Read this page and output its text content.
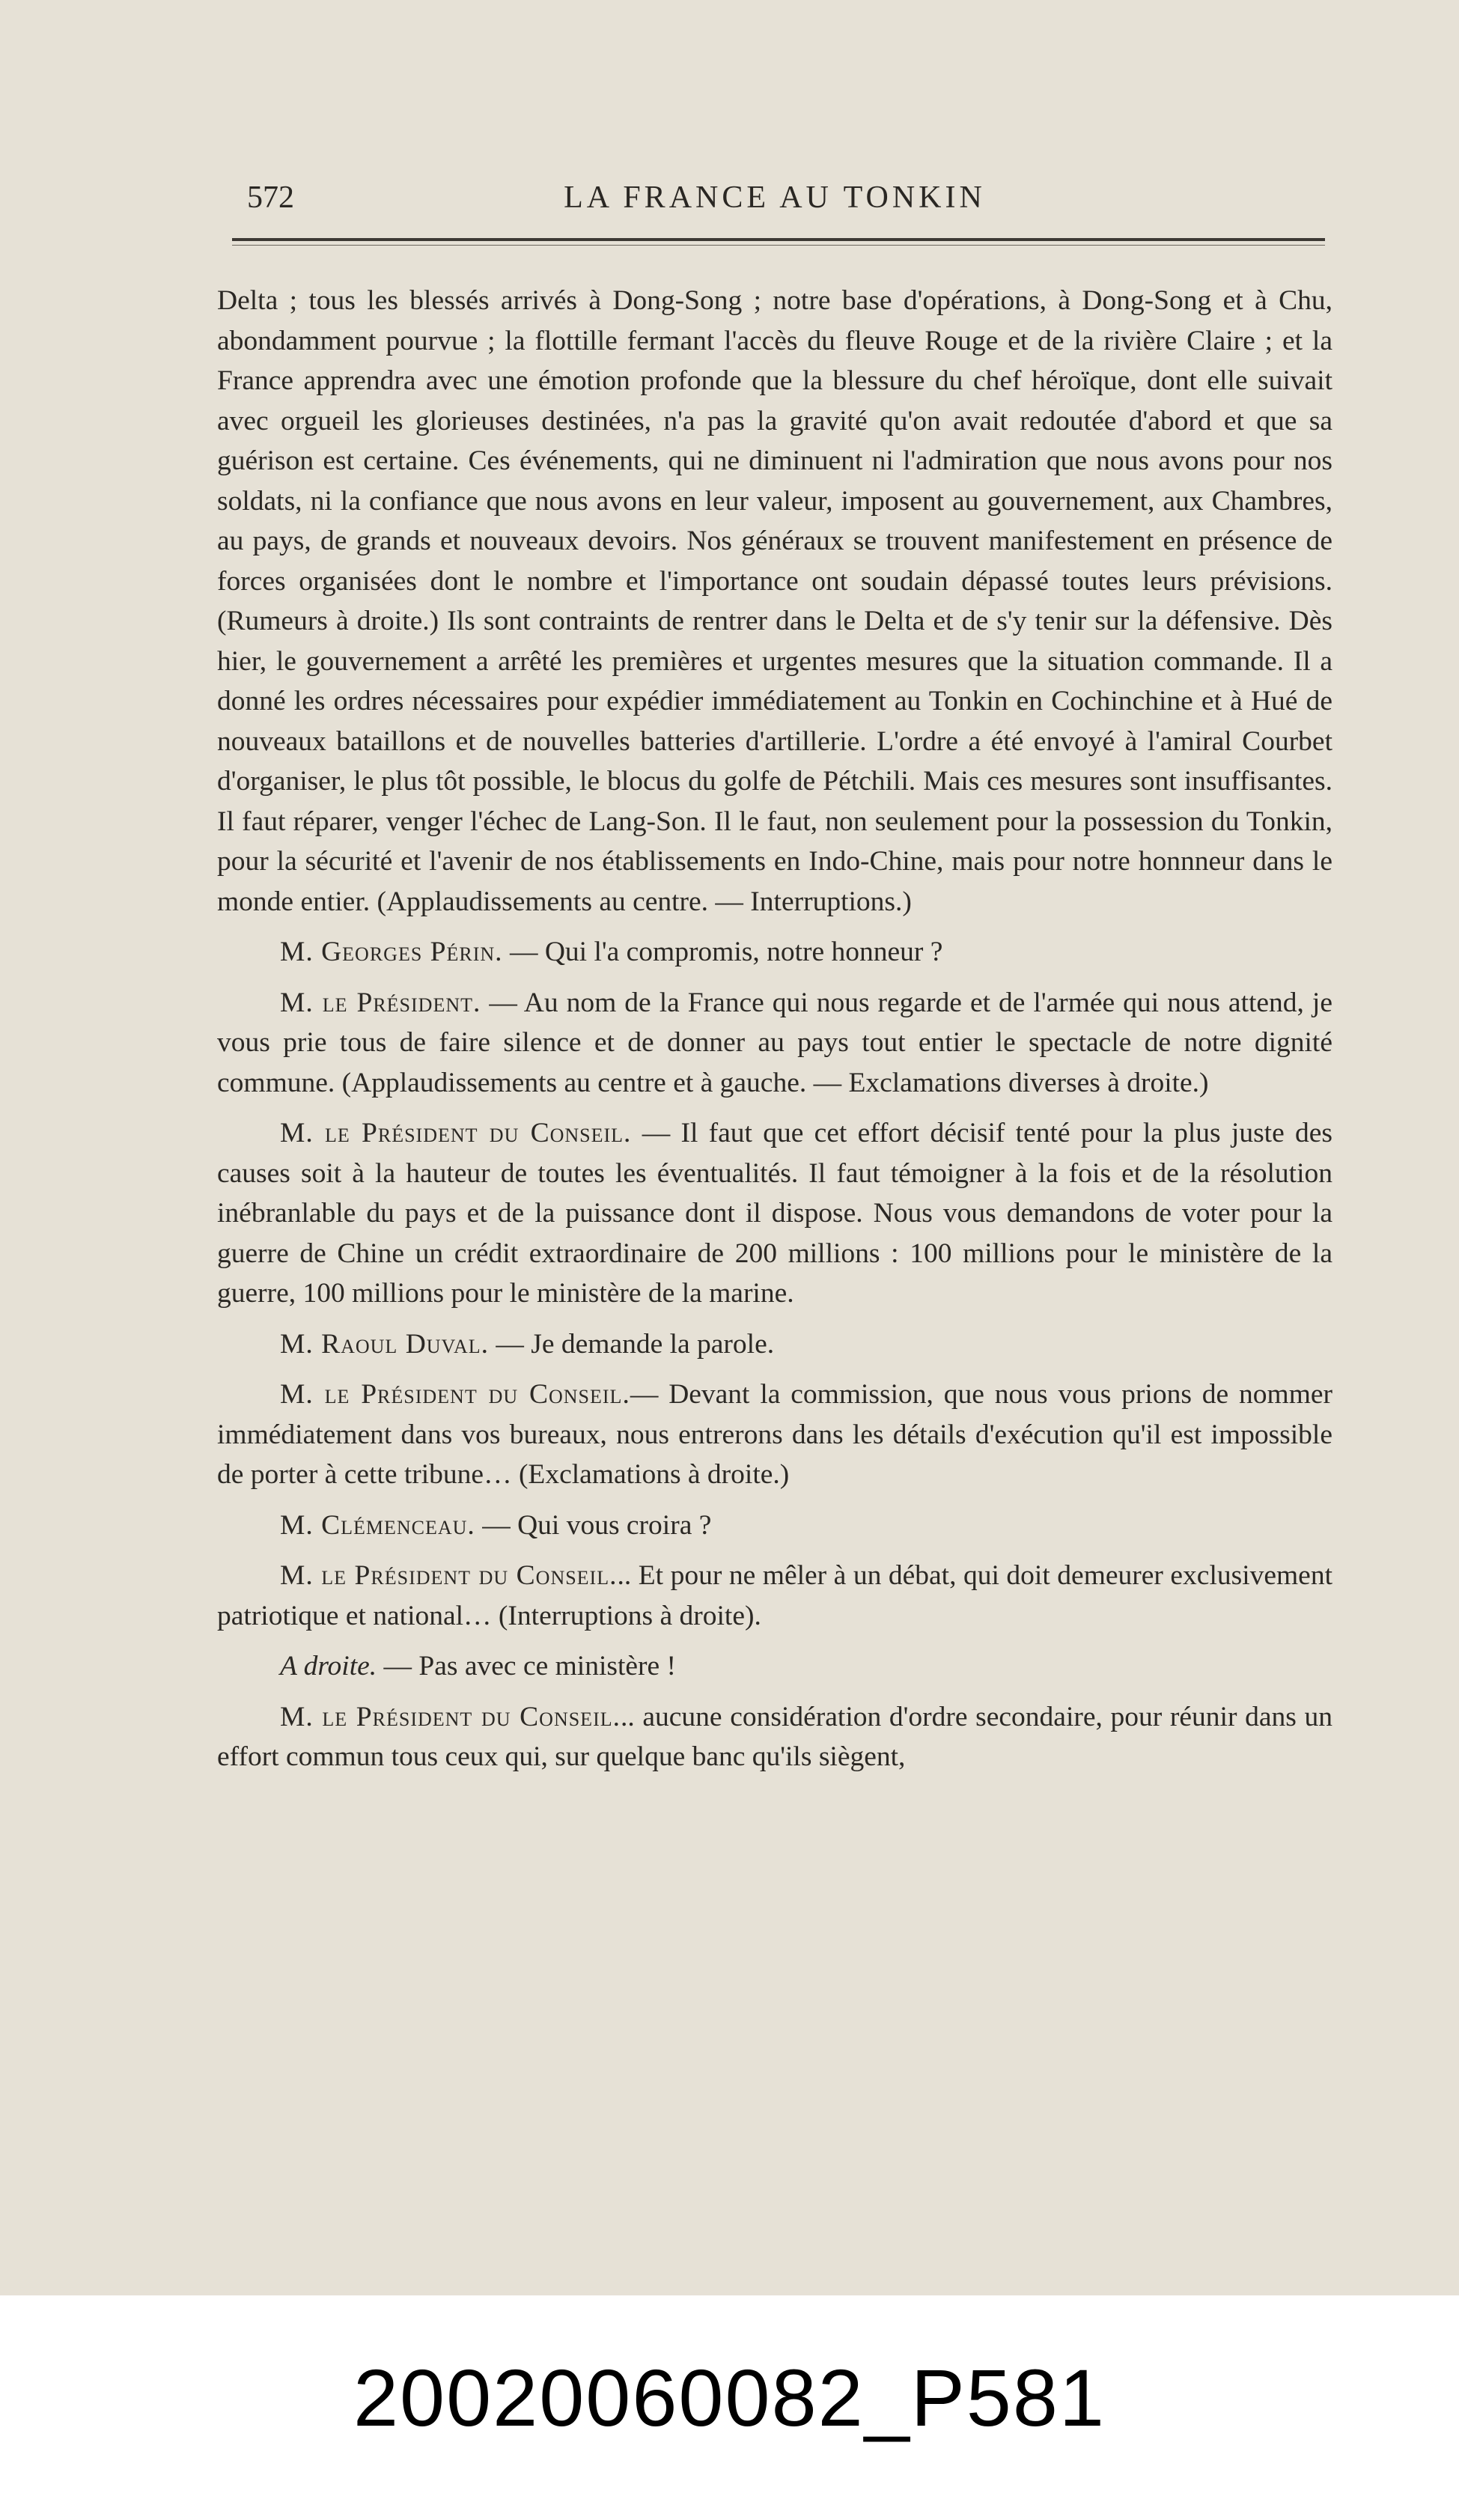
572	LA FRANCE AU TONKIN

Delta ; tous les blessés arrivés à Dong-Song ; notre base d'opérations, à Dong-Song et à Chu, abondamment pourvue ; la flottille fermant l'accès du fleuve Rouge et de la rivière Claire ; et la France apprendra avec une émotion profonde que la blessure du chef héroïque, dont elle suivait avec orgueil les glorieuses destinées, n'a pas la gravité qu'on avait redoutée d'abord et que sa guérison est certaine. Ces événements, qui ne diminuent ni l'admiration que nous avons pour nos soldats, ni la confiance que nous avons en leur valeur, imposent au gouvernement, aux Chambres, au pays, de grands et nouveaux devoirs. Nos généraux se trouvent manifestement en présence de forces organisées dont le nombre et l'importance ont soudain dépassé toutes leurs prévisions. (Rumeurs à droite.) Ils sont contraints de rentrer dans le Delta et de s'y tenir sur la défensive. Dès hier, le gouvernement a arrêté les premières et urgentes mesures que la situation commande. Il a donné les ordres nécessaires pour expédier immédiatement au Tonkin en Cochinchine et à Hué de nouveaux bataillons et de nouvelles batteries d'artillerie. L'ordre a été envoyé à l'amiral Courbet d'organiser, le plus tôt possible, le blocus du golfe de Pétchili. Mais ces mesures sont insuffisantes. Il faut réparer, venger l'échec de Lang-Son. Il le faut, non seulement pour la possession du Tonkin, pour la sécurité et l'avenir de nos établissements en Indo-Chine, mais pour notre honnneur dans le monde entier. (Applaudissements au centre. — Interruptions.)

M. Georges Périn. — Qui l'a compromis, notre honneur ?

M. le Président. — Au nom de la France qui nous regarde et de l'armée qui nous attend, je vous prie tous de faire silence et de donner au pays tout entier le spectacle de notre dignité commune. (Applaudissements au centre et à gauche. — Exclamations diverses à droite.)

M. le Président du Conseil. — Il faut que cet effort décisif tenté pour la plus juste des causes soit à la hauteur de toutes les éventualités. Il faut témoigner à la fois et de la résolution inébranlable du pays et de la puissance dont il dispose. Nous vous demandons de voter pour la guerre de Chine un crédit extraordinaire de 200 millions : 100 millions pour le ministère de la guerre, 100 millions pour le ministère de la marine.

M. Raoul Duval. — Je demande la parole.

M. le Président du Conseil.— Devant la commission, que nous vous prions de nommer immédiatement dans vos bureaux, nous entrerons dans les détails d'exécution qu'il est impossible de porter à cette tribune… (Exclamations à droite.)

M. Clémenceau. — Qui vous croira ?

M. le Président du Conseil... Et pour ne mêler à un débat, qui doit demeurer exclusivement patriotique et national… (Interruptions à droite).

A droite. — Pas avec ce ministère !

M. le Président du Conseil... aucune considération d'ordre secondaire, pour réunir dans un effort commun tous ceux qui, sur quelque banc qu'ils siègent,

20020060082_P581
